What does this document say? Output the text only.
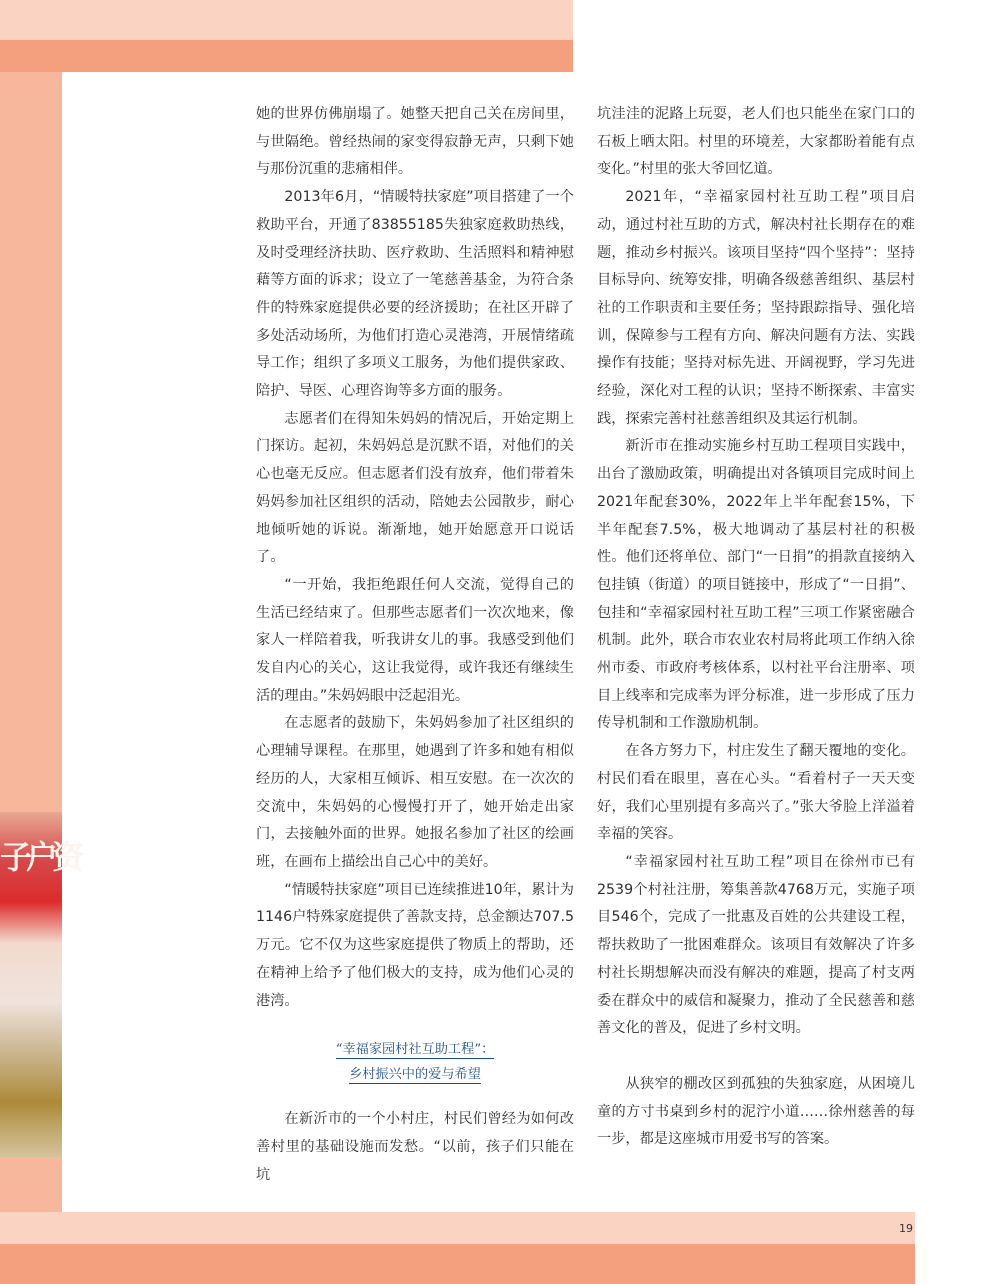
子户资

她的世界仿佛崩塌了。她整天把自己关在房间里，与世隔绝。曾经热闹的家变得寂静无声，只剩下她与那份沉重的悲痛相伴。

2013年6月，“情暖特扶家庭”项目搭建了一个救助平台，开通了83855185失独家庭救助热线，及时受理经济扶助、医疗救助、生活照料和精神慰藉等方面的诉求；设立了一笔慈善基金，为符合条件的特殊家庭提供必要的经济援助；在社区开辟了多处活动场所，为他们打造心灵港湾，开展情绪疏导工作；组织了多项义工服务，为他们提供家政、陪护、导医、心理咨询等多方面的服务。

志愿者们在得知朱妈妈的情况后，开始定期上门探访。起初，朱妈妈总是沉默不语，对他们的关心也毫无反应。但志愿者们没有放弃，他们带着朱妈妈参加社区组织的活动，陪她去公园散步，耐心地倾听她的诉说。渐渐地，她开始愿意开口说话了。

“一开始，我拒绝跟任何人交流，觉得自己的生活已经结束了。但那些志愿者们一次次地来，像家人一样陪着我，听我讲女儿的事。我感受到他们发自内心的关心，这让我觉得，或许我还有继续生活的理由。”朱妈妈眼中泛起泪光。

在志愿者的鼓励下，朱妈妈参加了社区组织的心理辅导课程。在那里，她遇到了许多和她有相似经历的人，大家相互倾诉、相互安慰。在一次次的交流中，朱妈妈的心慢慢打开了，她开始走出家门，去接触外面的世界。她报名参加了社区的绘画班，在画布上描绘出自己心中的美好。

“情暖特扶家庭”项目已连续推进10年，累计为1146户特殊家庭提供了善款支持，总金额达707.5万元。它不仅为这些家庭提供了物质上的帮助，还在精神上给予了他们极大的支持，成为他们心灵的港湾。

“幸福家园村社互助工程”：
乡村振兴中的爱与希望

在新沂市的一个小村庄，村民们曾经为如何改善村里的基础设施而发愁。“以前，孩子们只能在坑

坑洼洼的泥路上玩耍，老人们也只能坐在家门口的石板上晒太阳。村里的环境差，大家都盼着能有点变化。”村里的张大爷回忆道。

2021年，“幸福家园村社互助工程”项目启动，通过村社互助的方式，解决村社长期存在的难题，推动乡村振兴。该项目坚持“四个坚持”：坚持目标导向、统筹安排，明确各级慈善组织、基层村社的工作职责和主要任务；坚持跟踪指导、强化培训，保障参与工程有方向、解决问题有方法、实践操作有技能；坚持对标先进、开阔视野，学习先进经验，深化对工程的认识；坚持不断探索、丰富实践，探索完善村社慈善组织及其运行机制。

新沂市在推动实施乡村互助工程项目实践中，出台了激励政策，明确提出对各镇项目完成时间上2021年配套30%，2022年上半年配套15%，下半年配套7.5%，极大地调动了基层村社的积极性。他们还将单位、部门“一日捐”的捐款直接纳入包挂镇（街道）的项目链接中，形成了“一日捐”、包挂和“幸福家园村社互助工程”三项工作紧密融合机制。此外，联合市农业农村局将此项工作纳入徐州市委、市政府考核体系，以村社平台注册率、项目上线率和完成率为评分标准，进一步形成了压力传导机制和工作激励机制。

在各方努力下，村庄发生了翻天覆地的变化。村民们看在眼里，喜在心头。“看着村子一天天变好，我们心里别提有多高兴了。”张大爷脸上洋溢着幸福的笑容。

“幸福家园村社互助工程”项目在徐州市已有2539个村社注册，筹集善款4768万元，实施子项目546个，完成了一批惠及百姓的公共建设工程，帮扶救助了一批困难群众。该项目有效解决了许多村社长期想解决而没有解决的难题，提高了村支两委在群众中的威信和凝聚力，推动了全民慈善和慈善文化的普及，促进了乡村文明。

从狭窄的棚改区到孤独的失独家庭，从困境儿童的方寸书桌到乡村的泥泞小道……徐州慈善的每一步，都是这座城市用爱书写的答案。

19
